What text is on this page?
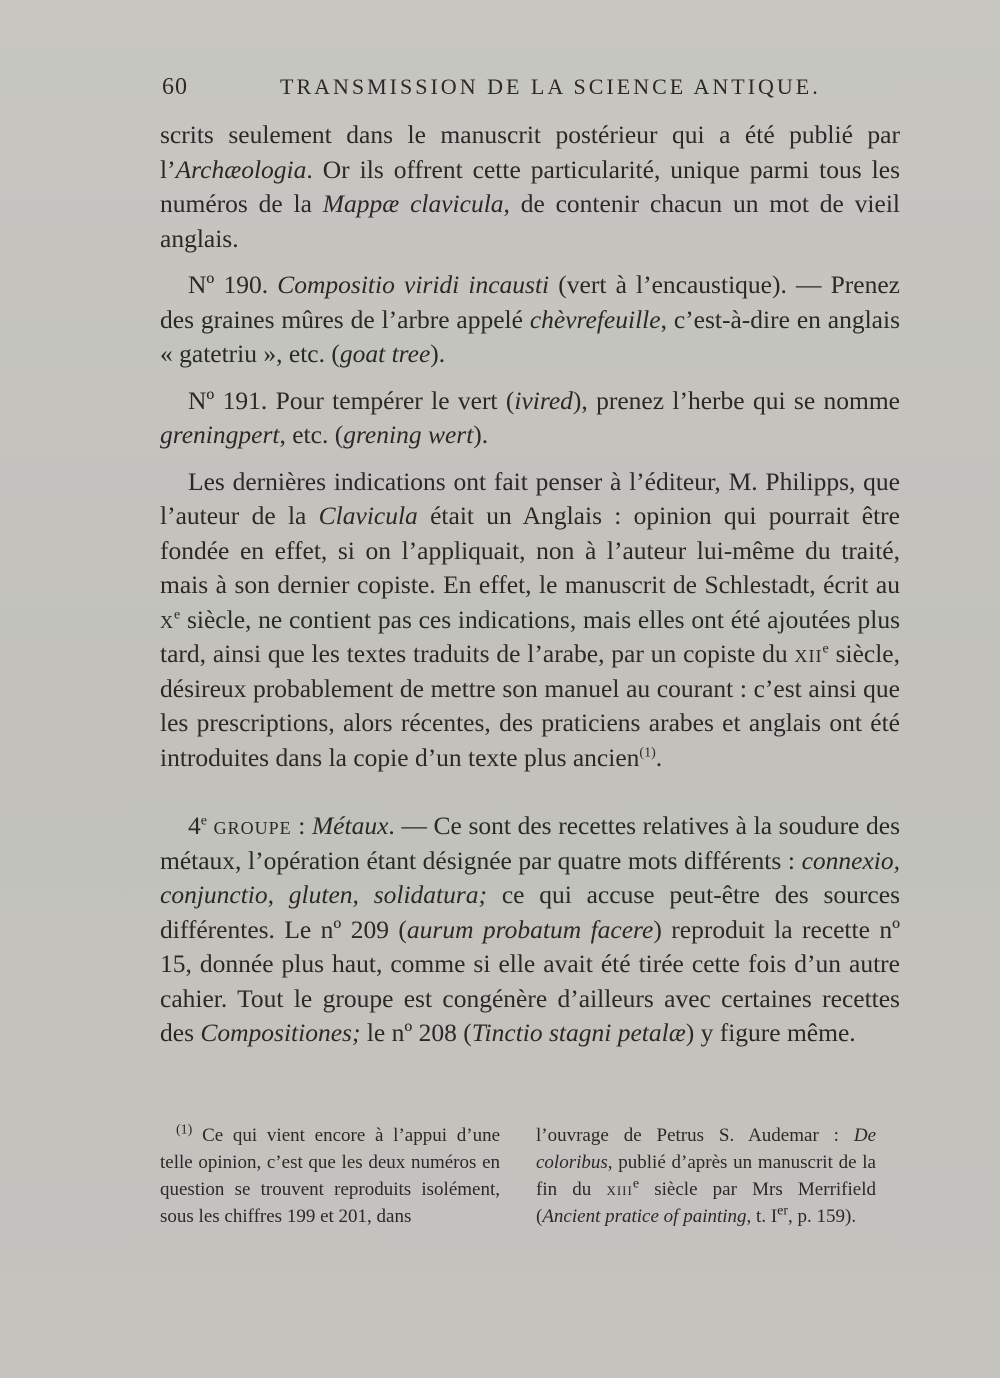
60	TRANSMISSION DE LA SCIENCE ANTIQUE.

scrits seulement dans le manuscrit postérieur qui a été publié par l’Archæologia. Or ils offrent cette particularité, unique parmi tous les numéros de la Mappæ clavicula, de contenir chacun un mot de vieil anglais.

Nº 190. Compositio viridi incausti (vert à l’encaustique). — Prenez des graines mûres de l’arbre appelé chèvrefeuille, c’est-à-dire en anglais « gatetriu », etc. (goat tree).

Nº 191. Pour tempérer le vert (ivired), prenez l’herbe qui se nomme greningpert, etc. (grening wert).

Les dernières indications ont fait penser à l’éditeur, M. Philipps, que l’auteur de la Clavicula était un Anglais : opinion qui pourrait être fondée en effet, si on l’appliquait, non à l’auteur lui-même du traité, mais à son dernier copiste. En effet, le manuscrit de Schlestadt, écrit au $x^e$ siècle, ne contient pas ces indications, mais elles ont été ajoutées plus tard, ainsi que les textes traduits de l’arabe, par un copiste du xii$^e$ siècle, désireux probablement de mettre son manuel au courant : c’est ainsi que les prescriptions, alors récentes, des praticiens arabes et anglais ont été introduites dans la copie d’un texte plus ancien$^{(1)}$.

4e groupe : Métaux. — Ce sont des recettes relatives à la soudure des métaux, l’opération étant désignée par quatre mots différents : connexio, conjunctio, gluten, solidatura; ce qui accuse peut-être des sources différentes. Le nº 209 (aurum probatum facere) reproduit la recette nº 15, donnée plus haut, comme si elle avait été tirée cette fois d’un autre cahier. Tout le groupe est congénère d’ailleurs avec certaines recettes des Compositiones; le nº 208 (Tinctio stagni petalæ) y figure même.

$^{(1)}$ Ce qui vient encore à l’appui d’une telle opinion, c’est que les deux numéros en question se trouvent reproduits isolément, sous les chiffres 199 et 201, dans
l’ouvrage de Petrus S. Audemar : De coloribus, publié d’après un manuscrit de la fin du xiii$^e$ siècle par Mrs Merrifield (Ancient pratice of painting, t. Ier, p. 159).
